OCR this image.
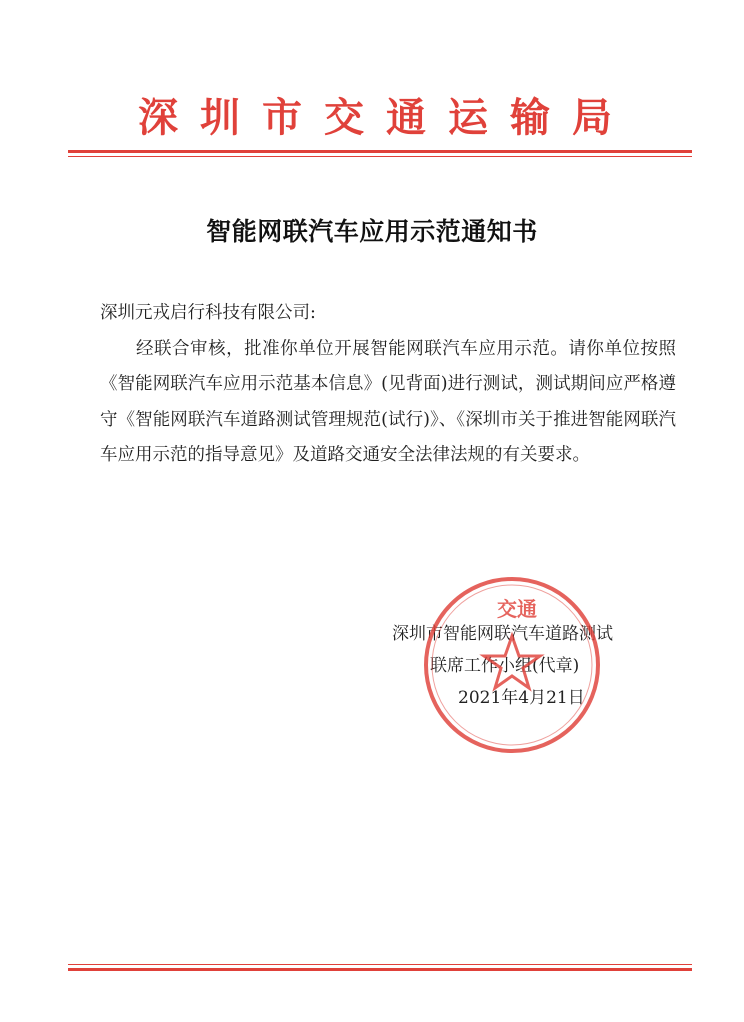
深圳市交通运输局
智能网联汽车应用示范通知书

深圳元戎启行科技有限公司:

经联合审核，批准你单位开展智能网联汽车应用示范。请你单位按照《智能网联汽车应用示范基本信息》(见背面)进行测试，测试期间应严格遵守《智能网联汽车道路测试管理规范(试行)》、《深圳市关于推进智能网联汽车应用示范的指导意见》及道路交通安全法律法规的有关要求。

深圳市智能网联汽车道路测试
联席工作小组(代章)
2021年4月21日
交通
